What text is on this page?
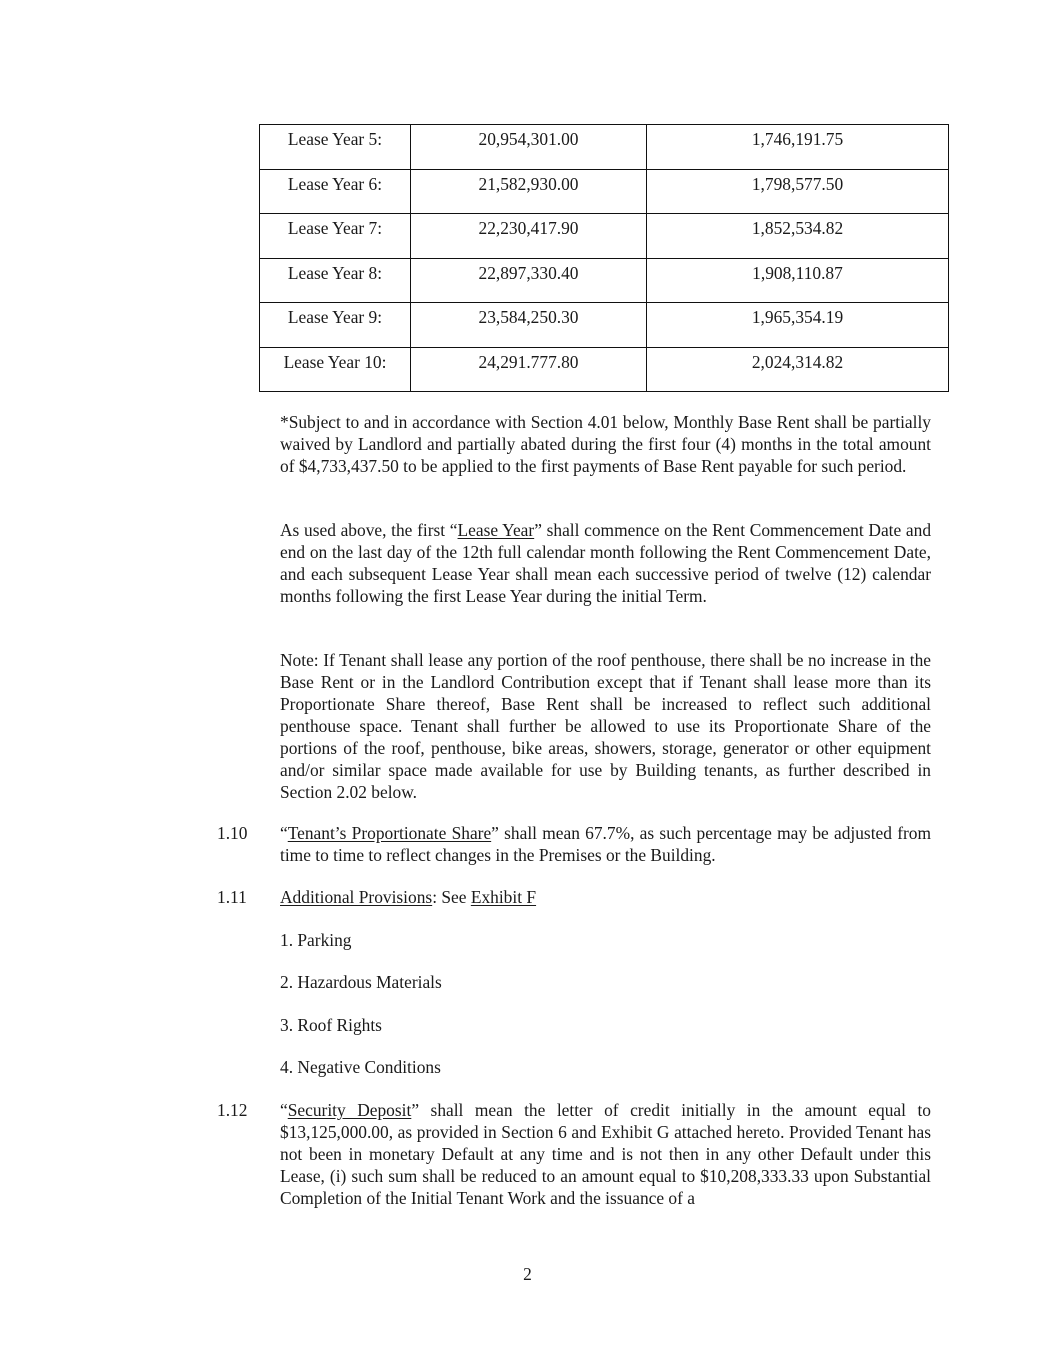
Lease Year 5:	20,954,301.00	1,746,191.75
Lease Year 6:	21,582,930.00	1,798,577.50
Lease Year 7:	22,230,417.90	1,852,534.82
Lease Year 8:	22,897,330.40	1,908,110.87
Lease Year 9:	23,584,250.30	1,965,354.19
Lease Year 10:	24,291.777.80	2,024,314.82

*Subject to and in accordance with Section 4.01 below, Monthly Base Rent shall be partially waived by Landlord and partially abated during the first four (4) months in the total amount of $4,733,437.50 to be applied to the first payments of Base Rent payable for such period.

As used above, the first “Lease Year” shall commence on the Rent Commencement Date and end on the last day of the 12th full calendar month following the Rent Commencement Date, and each subsequent Lease Year shall mean each successive period of twelve (12) calendar months following the first Lease Year during the initial Term.

Note: If Tenant shall lease any portion of the roof penthouse, there shall be no increase in the Base Rent or in the Landlord Contribution except that if Tenant shall lease more than its Proportionate Share thereof, Base Rent shall be increased to reflect such additional penthouse space. Tenant shall further be allowed to use its Proportionate Share of the portions of the roof, penthouse, bike areas, showers, storage, generator or other equipment and/or similar space made available for use by Building tenants, as further described in Section 2.02 below.

1.10 “Tenant’s Proportionate Share” shall mean 67.7%, as such percentage may be adjusted from time to time to reflect changes in the Premises or the Building.

1.11 Additional Provisions: See Exhibit F

1. Parking

2. Hazardous Materials

3. Roof Rights

4. Negative Conditions

1.12 “Security Deposit” shall mean the letter of credit initially in the amount equal to $13,125,000.00, as provided in Section 6 and Exhibit G attached hereto. Provided Tenant has not been in monetary Default at any time and is not then in any other Default under this Lease, (i) such sum shall be reduced to an amount equal to $10,208,333.33 upon Substantial Completion of the Initial Tenant Work and the issuance of a

2
